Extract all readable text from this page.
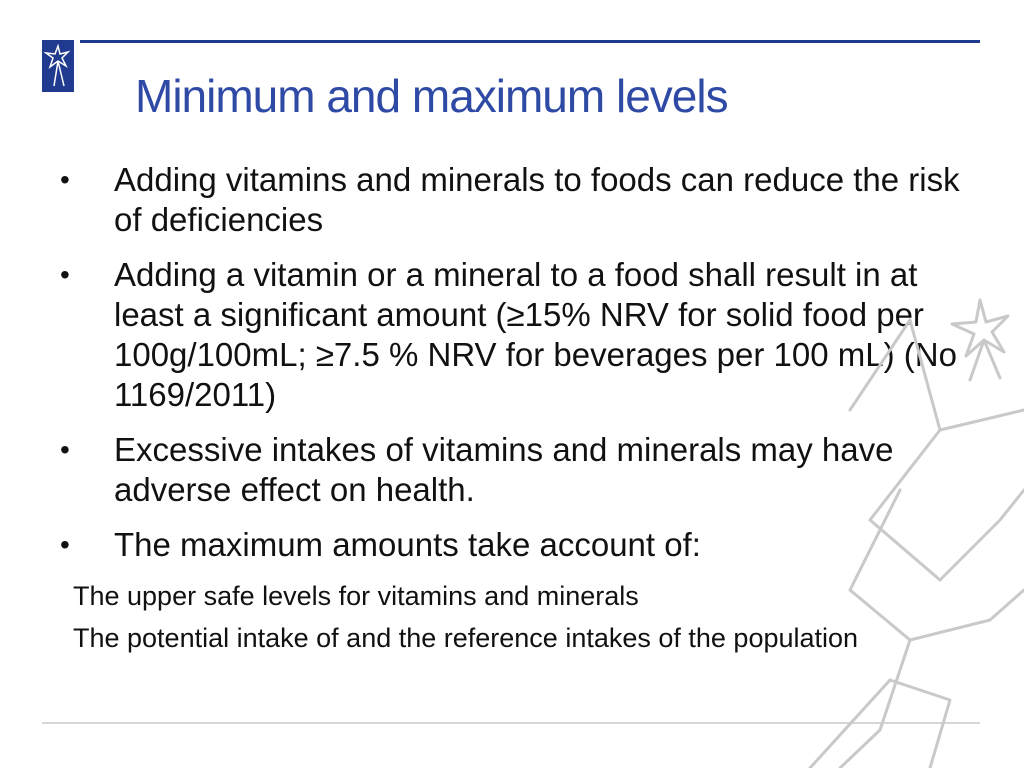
Minimum and maximum levels
• Adding vitamins and minerals to foods can reduce the risk of deficiencies
• Adding a vitamin or a mineral to a food shall result in at least a significant amount (≥15% NRV for solid food per 100g/100mL; ≥7.5 % NRV for beverages per 100 mL) (No 1169/2011)
• Excessive intakes of vitamins and minerals may have adverse effect on health.
• The maximum amounts take account of:
The upper safe levels for vitamins and minerals
The potential intake of and the reference intakes of the population
